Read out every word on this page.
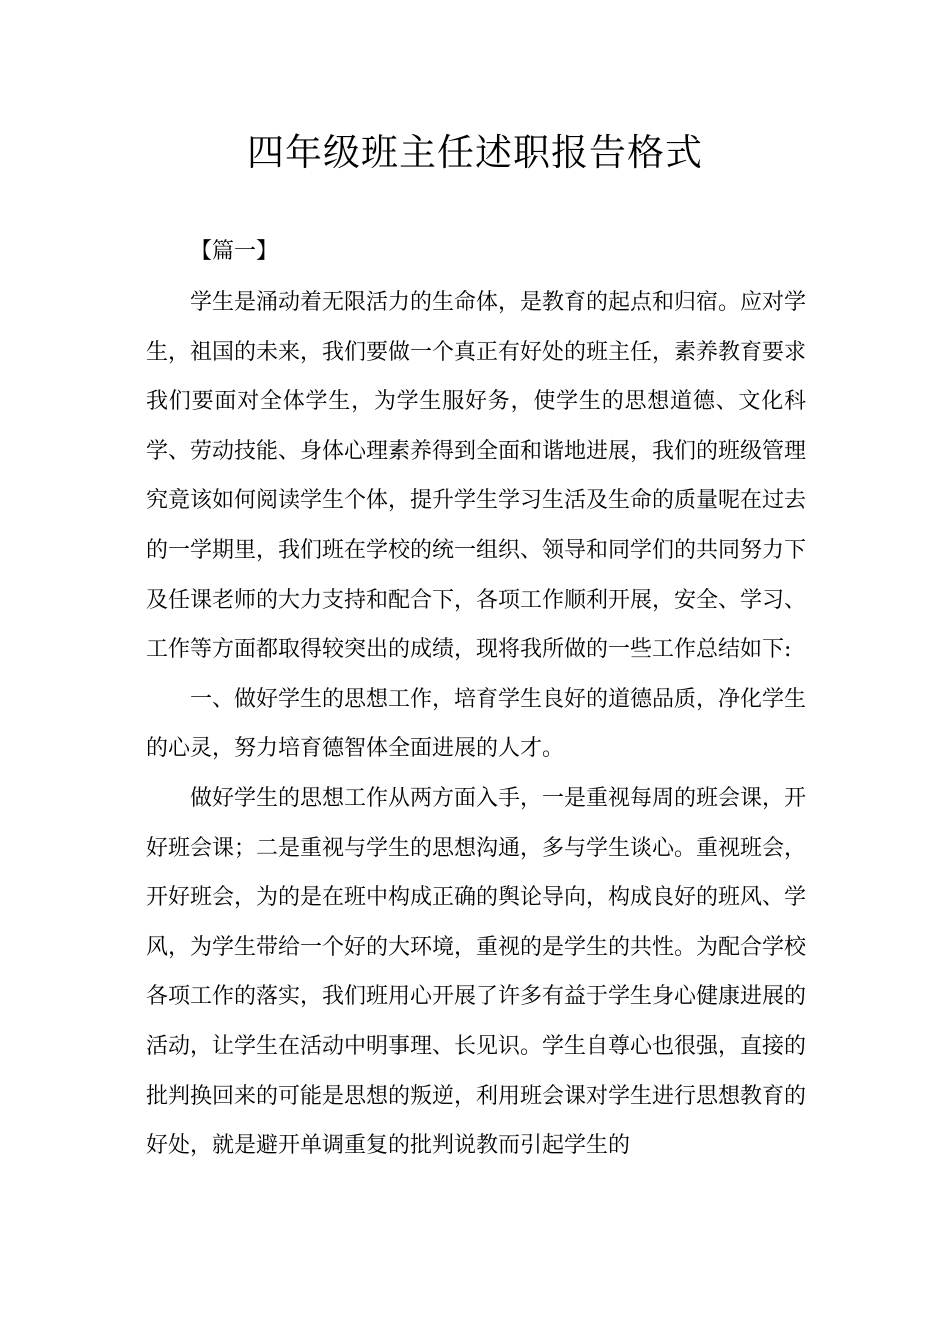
四年级班主任述职报告格式

【篇一】

学生是涌动着无限活力的生命体，是教育的起点和归宿。应对学生，祖国的未来，我们要做一个真正有好处的班主任，素养教育要求我们要面对全体学生，为学生服好务，使学生的思想道德、文化科学、劳动技能、身体心理素养得到全面和谐地进展，我们的班级管理究竟该如何阅读学生个体，提升学生学习生活及生命的质量呢在过去的一学期里，我们班在学校的统一组织、领导和同学们的共同努力下及任课老师的大力支持和配合下，各项工作顺利开展，安全、学习、工作等方面都取得较突出的成绩，现将我所做的一些工作总结如下:

一、做好学生的思想工作，培育学生良好的道德品质，净化学生的心灵，努力培育德智体全面进展的人才。

做好学生的思想工作从两方面入手，一是重视每周的班会课，开好班会课；二是重视与学生的思想沟通，多与学生谈心。重视班会，开好班会，为的是在班中构成正确的舆论导向，构成良好的班风、学风，为学生带给一个好的大环境，重视的是学生的共性。为配合学校各项工作的落实，我们班用心开展了许多有益于学生身心健康进展的活动，让学生在活动中明事理、长见识。学生自尊心也很强，直接的批判换回来的可能是思想的叛逆，利用班会课对学生进行思想教育的好处，就是避开单调重复的批判说教而引起学生的
